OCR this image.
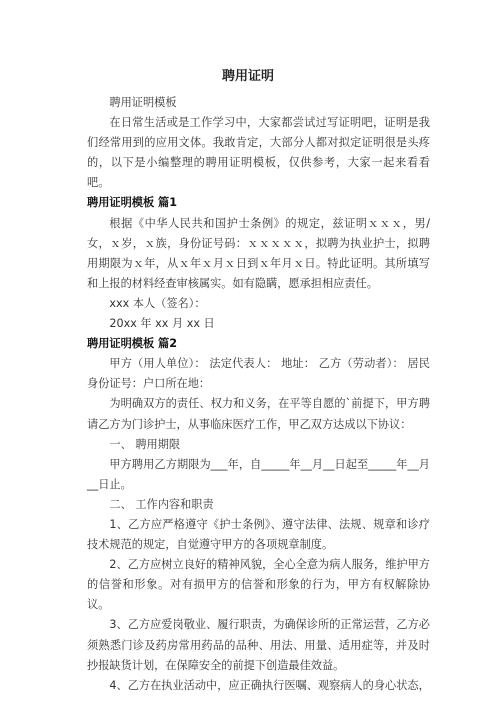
聘用证明

聘用证明模板

在日常生活或是工作学习中，大家都尝试过写证明吧，证明是我们经常用到的应用文体。我敢肯定，大部分人都对拟定证明很是头疼的，以下是小编整理的聘用证明模板，仅供参考，大家一起来看看吧。

聘用证明模板 篇1

根据《中华人民共和国护士条例》的规定，兹证明ｘｘｘ，男/女，ｘ岁，ｘ族，身份证号码：ｘｘｘｘｘ，拟聘为执业护士，拟聘用期限为ｘ年，从ｘ年ｘ月ｘ日到ｘ年月ｘ日。特此证明。其所填写和上报的材料经查审核属实。如有隐瞒，愿承担相应责任。

xxx 本人（签名）：

20xx 年 xx 月 xx 日

聘用证明模板 篇2

甲方（用人单位）： 法定代表人： 地址： 乙方（劳动者）： 居民身份证号：户口所在地：

为明确双方的责任、权力和义务，在平等自愿的`前提下，甲方聘请乙方为门诊护士，从事临床医疗工作，甲乙双方达成以下协议：

一、 聘用期限

甲方聘用乙方期限为___年，自_____年__月__日起至_____年__月__日止。

二、 工作内容和职责

1、乙方应严格遵守《护士条例》、遵守法律、法规、规章和诊疗技术规范的规定，自觉遵守甲方的各项规章制度。

2、乙方应树立良好的精神风貌，全心全意为病人服务，维护甲方的信誉和形象。对有损甲方的信誉和形象的行为，甲方有权解除协议。

3、乙方应爱岗敬业、履行职责，为确保诊所的正常运营，乙方必须熟悉门诊及药房常用药品的品种、用法、用量、适用症等，并及时抄报缺货计划，在保障安全的前提下创造最佳效益。

4、乙方在执业活动中，应正确执行医嘱、观察病人的身心状态，
